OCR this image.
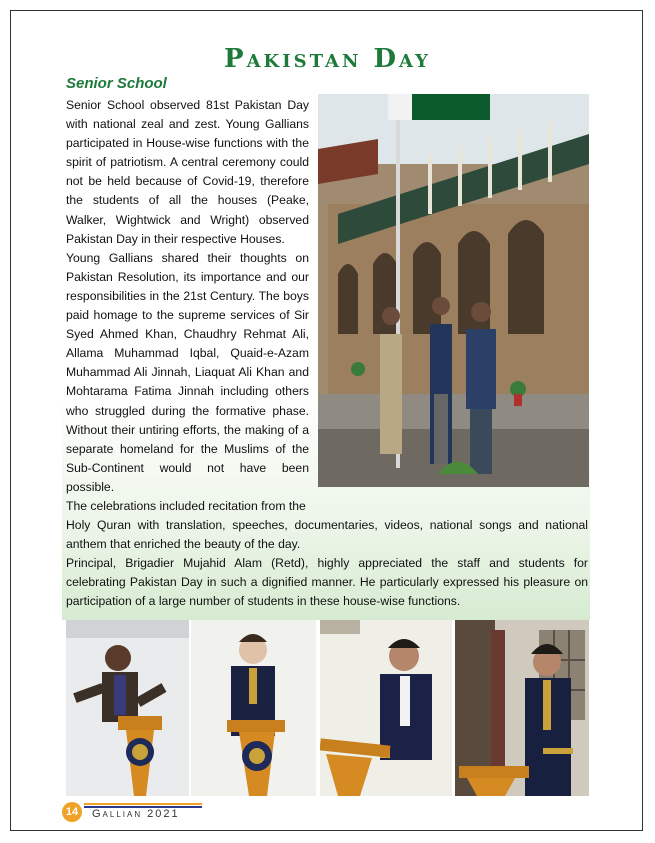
Pakistan Day
Senior School

Senior School observed 81st Pakistan Day with national zeal and zest. Young Gallians participated in House-wise functions with the spirit of patriotism. A central ceremony could not be held because of Covid-19, therefore the students of all the houses (Peake, Walker, Wightwick and Wright) observed Pakistan Day in their respective Houses.

Young Gallians shared their thoughts on Pakistan Resolution, its importance and our responsibilities in the 21st Century. The boys paid homage to the supreme services of Sir Syed Ahmed Khan, Chaudhry Rehmat Ali, Allama Muhammad Iqbal, Quaid-e-Azam Muhammad Ali Jinnah, Liaquat Ali Khan and Mohtarama Fatima Jinnah including others who struggled during the formative phase. Without their untiring efforts, the making of a separate homeland for the Muslims of the Sub-Continent would not have been possible.

The celebrations included recitation from the

Holy Quran with translation, speeches, documentaries, videos, national songs and national anthem that enriched the beauty of the day.

Principal, Brigadier Mujahid Alam (Retd), highly appreciated the staff and students for celebrating Pakistan Day in such a dignified manner. He particularly expressed his pleasure on participation of a large number of students in these house-wise functions.

14	Gallian 2021
